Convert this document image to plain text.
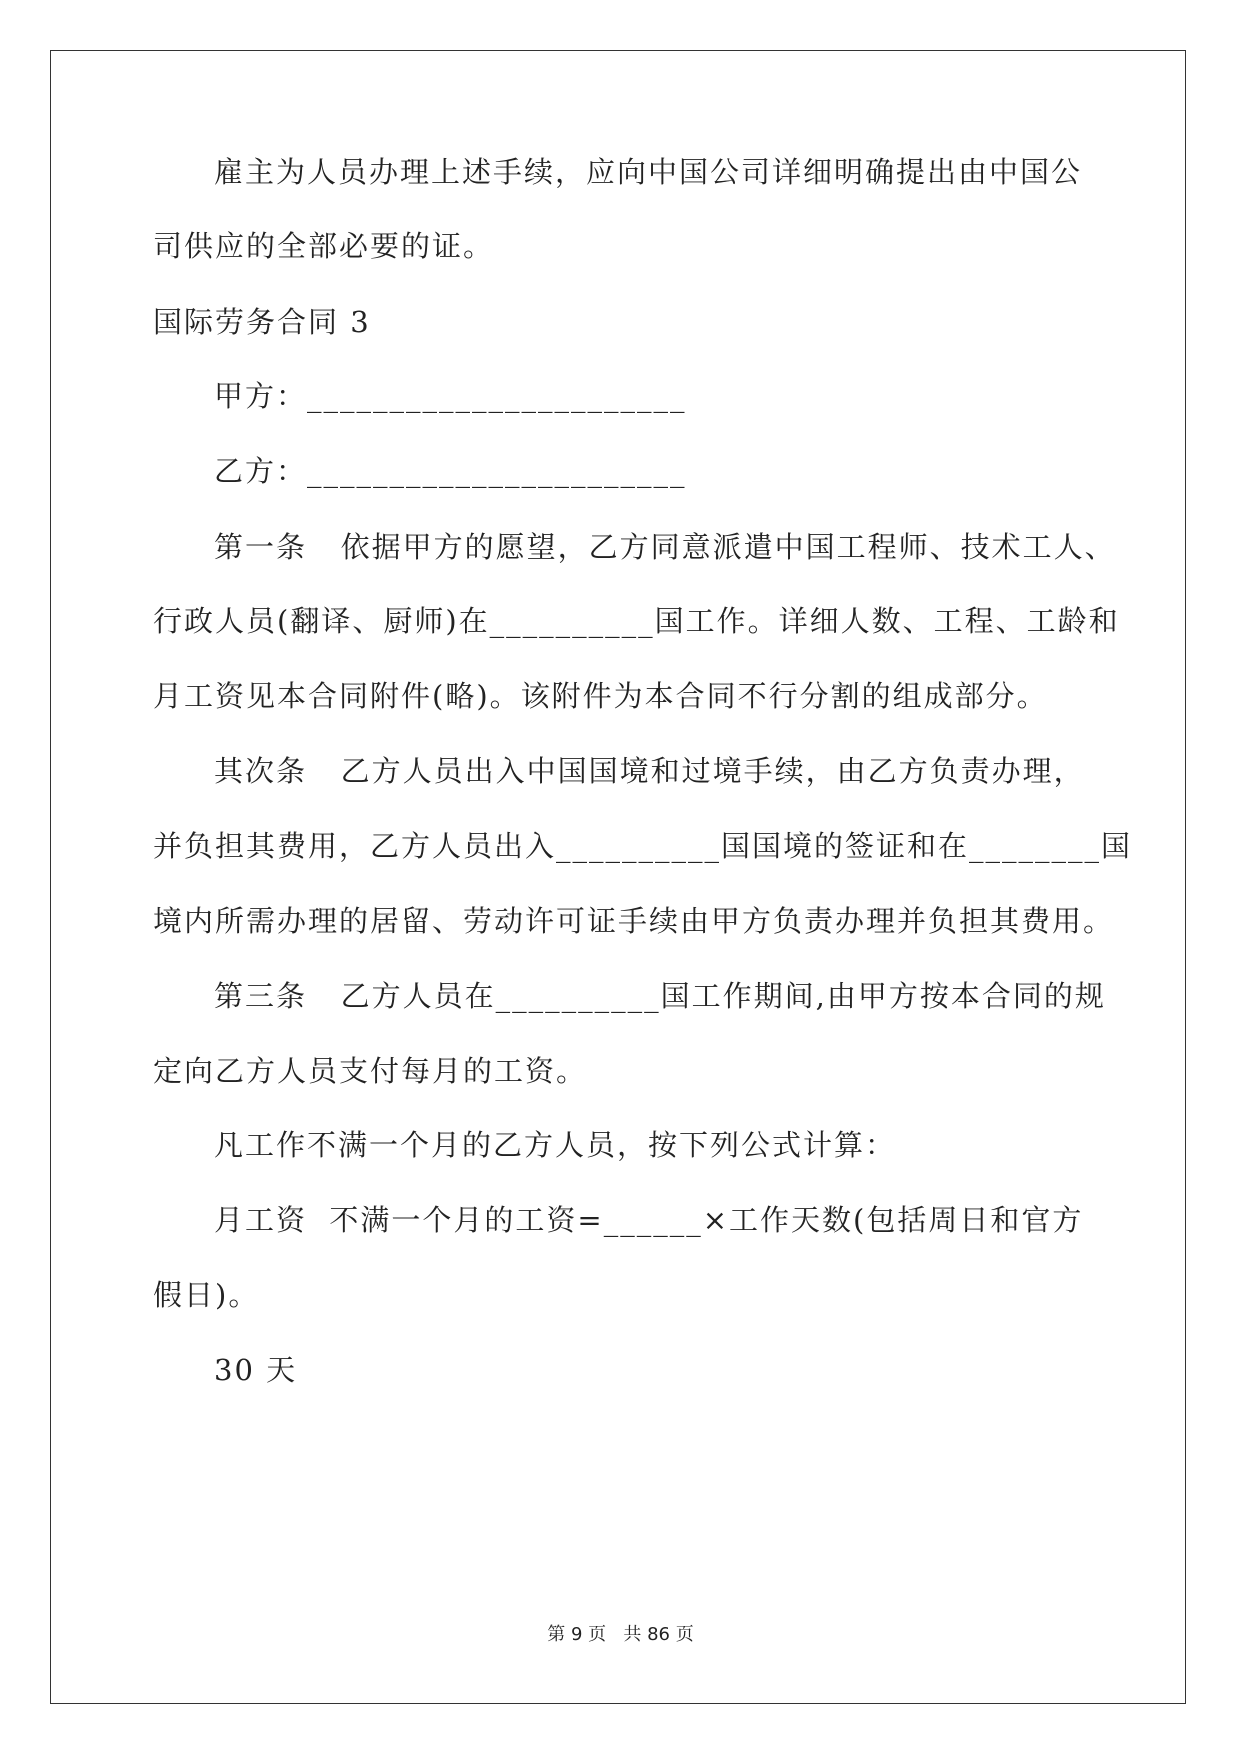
雇主为人员办理上述手续，应向中国公司详细明确提出由中国公
司供应的全部必要的证。
国际劳务合同 3
甲方：_______________________
乙方：_______________________
第一条   依据甲方的愿望，乙方同意派遣中国工程师、技术工人、
行政人员(翻译、厨师)在__________国工作。详细人数、工程、工龄和
月工资见本合同附件(略)。该附件为本合同不行分割的组成部分。
其次条   乙方人员出入中国国境和过境手续，由乙方负责办理，
并负担其费用，乙方人员出入__________国国境的签证和在________国
境内所需办理的居留、劳动许可证手续由甲方负责办理并负担其费用。
第三条   乙方人员在__________国工作期间,由甲方按本合同的规
定向乙方人员支付每月的工资。
凡工作不满一个月的乙方人员，按下列公式计算：
月工资  不满一个月的工资=______×工作天数(包括周日和官方
假日)。
30 天
第 9 页   共 86 页
